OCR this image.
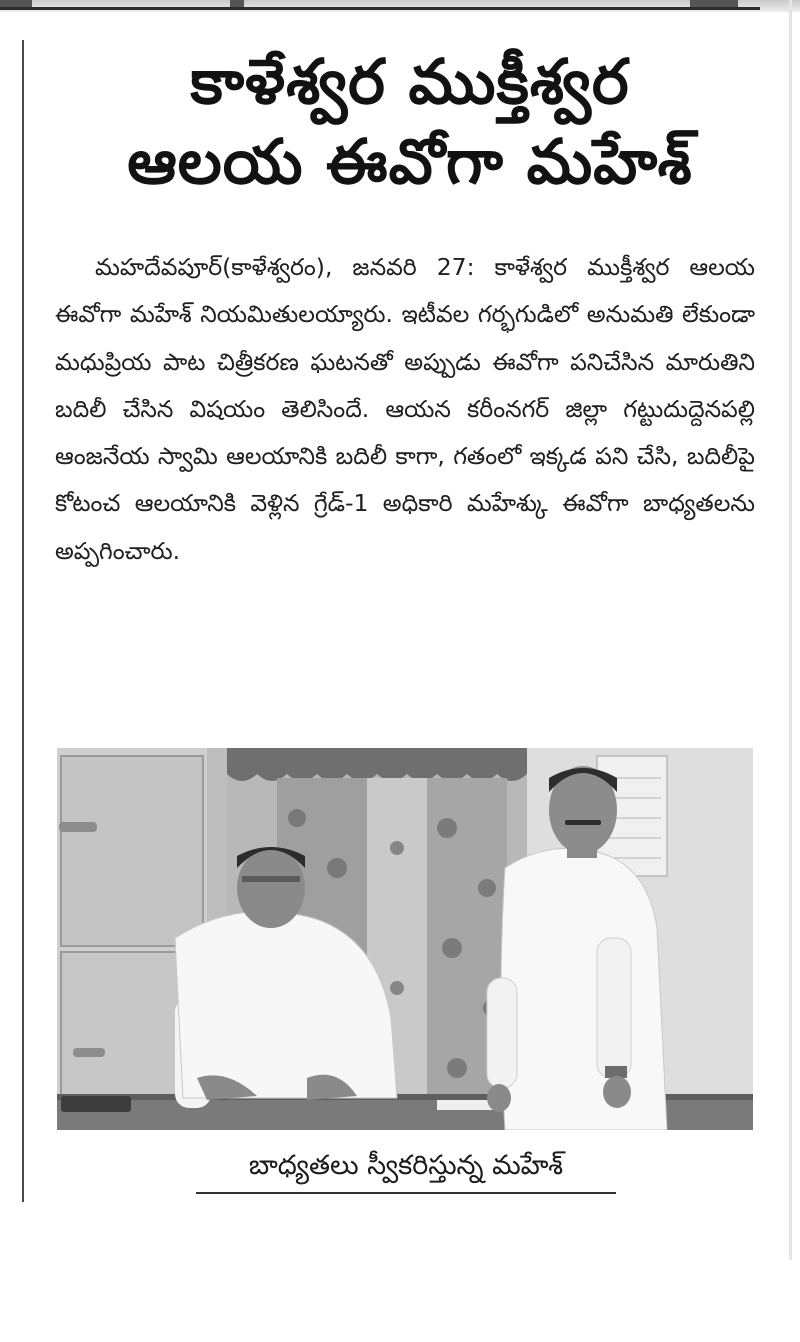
కాళేశ్వర ముక్తీశ్వర
ఆలయ ఈవోగా మహేశ్

మహదేవపూర్(కాళేశ్వరం), జనవరి 27: కాళేశ్వర ముక్తీశ్వర ఆలయ ఈవోగా మహేశ్ నియమితులయ్యారు. ఇటీవల గర్భగుడిలో అనుమతి లేకుండా మధుప్రియ పాట చిత్రీకరణ ఘటనతో అప్పుడు ఈవోగా పనిచేసిన మారుతిని బదిలీ చేసిన విషయం తెలిసిందే. ఆయన కరీంనగర్ జిల్లా గట్టుదుద్దెనపల్లి ఆంజనేయ స్వామి ఆలయానికి బదిలీ కాగా, గతంలో ఇక్కడ పని చేసి, బదిలీపై కోటంచ ఆలయానికి వెళ్లిన గ్రేడ్-1 అధికారి మహేశ్కు ఈవోగా బాధ్యతలను అప్పగించారు.

బాధ్యతలు స్వీకరిస్తున్న మహేశ్
